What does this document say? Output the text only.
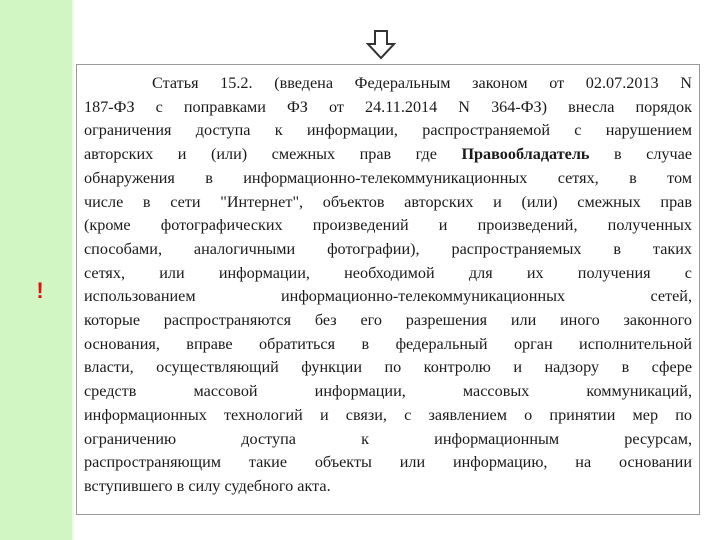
!
Статья 15.2. (введена Федеральным законом от 02.07.2013 N
187-ФЗ с поправками ФЗ от 24.11.2014 N 364-ФЗ) внесла порядок
ограничения доступа к информации, распространяемой с нарушением
авторских и (или) смежных прав где Правообладатель в случае
обнаружения в информационно-телекоммуникационных сетях, в том
числе в сети "Интернет", объектов авторских и (или) смежных прав
(кроме фотографических произведений и произведений, полученных
способами, аналогичными фотографии), распространяемых в таких
сетях, или информации, необходимой для их получения с
использованием информационно-телекоммуникационных сетей,
которые распространяются без его разрешения или иного законного
основания, вправе обратиться в федеральный орган исполнительной
власти, осуществляющий функции по контролю и надзору в сфере
средств массовой информации, массовых коммуникаций,
информационных технологий и связи, с заявлением о принятии мер по
ограничению доступа к информационным ресурсам,
распространяющим такие объекты или информацию, на основании
вступившего в силу судебного акта.
